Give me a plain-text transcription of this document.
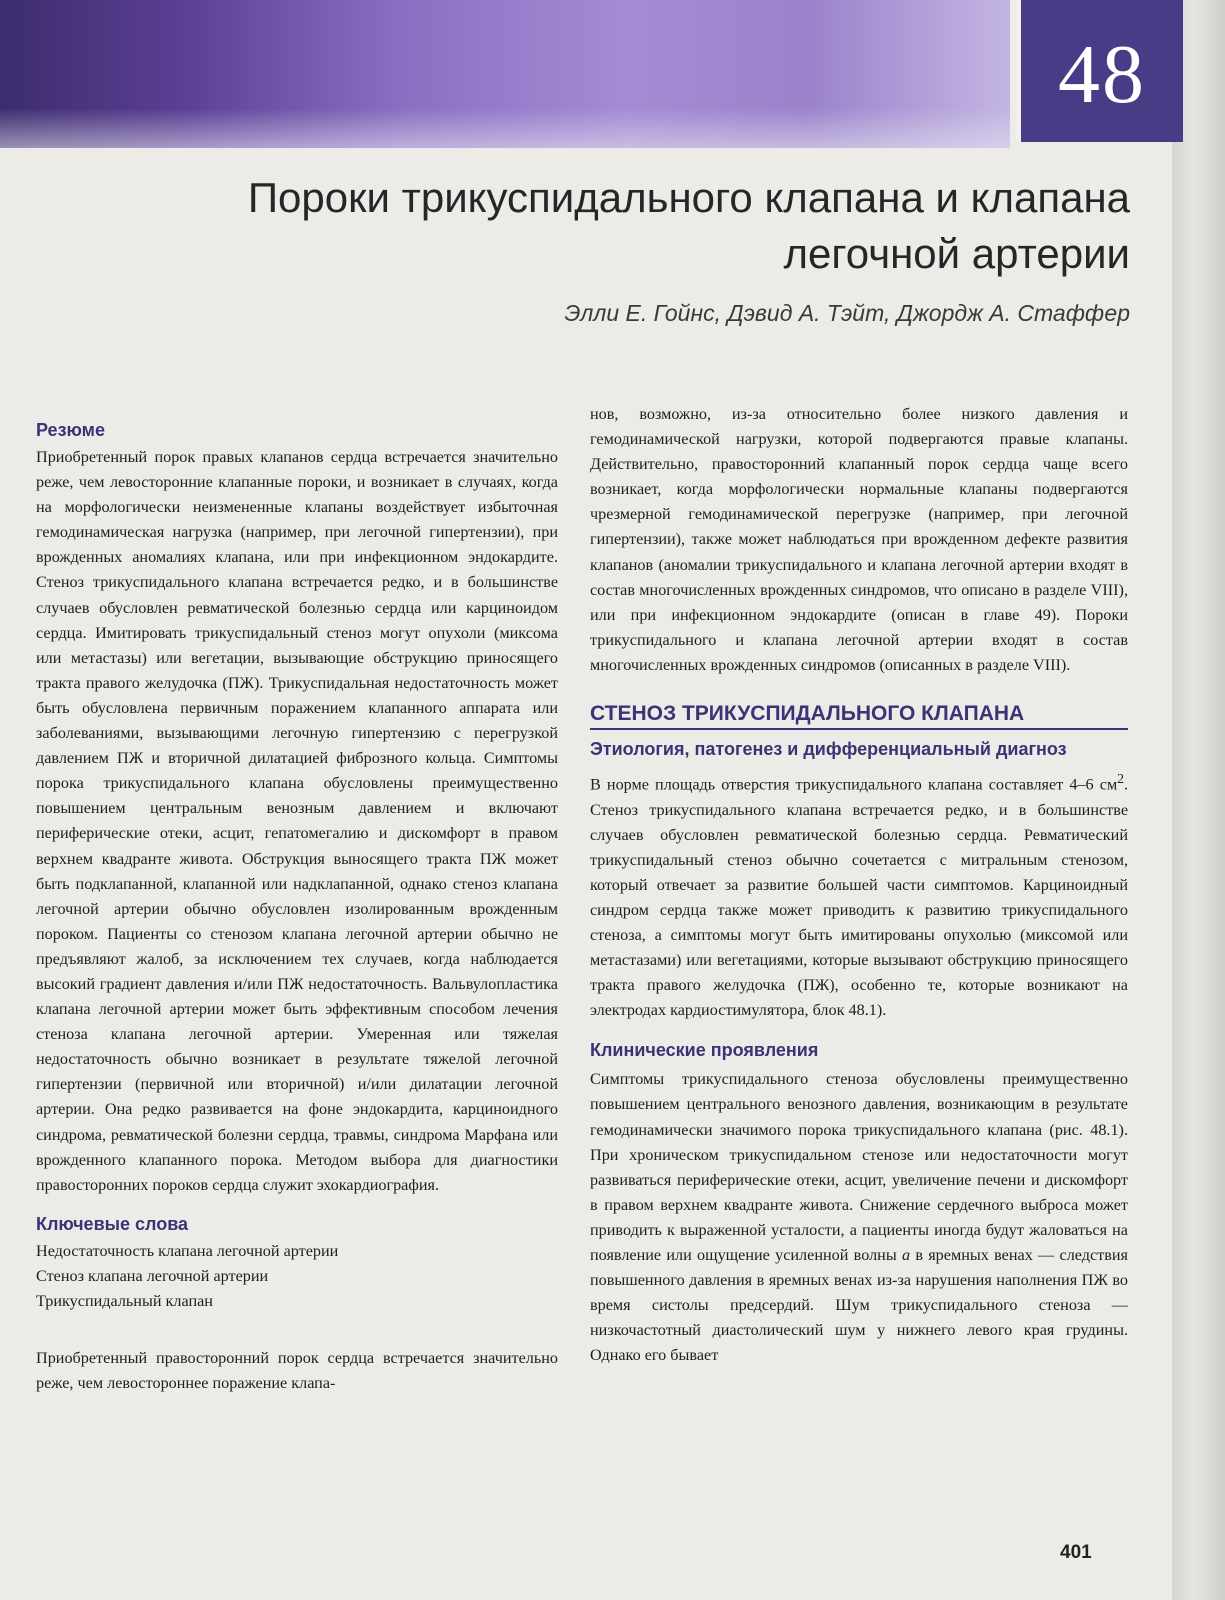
48
Пороки трикуспидального клапана и клапана
легочной артерии
Элли Е. Гойнс, Дэвид А. Тэйт, Джордж А. Стаффер
Резюме

Приобретенный порок правых клапанов сердца встречается значительно реже, чем левосторонние клапанные пороки, и возникает в случаях, когда на морфологически неизмененные клапаны воздействует избыточная гемодинамическая нагрузка (например, при легочной гипертензии), при врожденных аномалиях клапана, или при инфекционном эндокардите. Стеноз трикуспидального клапана встречается редко, и в большинстве случаев обусловлен ревматической болезнью сердца или карциноидом сердца. Имитировать трикуспидальный стеноз могут опухоли (миксома или метастазы) или вегетации, вызывающие обструкцию приносящего тракта правого желудочка (ПЖ). Трикуспидальная недостаточность может быть обусловлена первичным поражением клапанного аппарата или заболеваниями, вызывающими легочную гипертензию с перегрузкой давлением ПЖ и вторичной дилатацией фиброзного кольца. Симптомы порока трикуспидального клапана обусловлены преимущественно повышением центральным венозным давлением и включают периферические отеки, асцит, гепатомегалию и дискомфорт в правом верхнем квадранте живота. Обструкция выносящего тракта ПЖ может быть подклапанной, клапанной или надклапанной, однако стеноз клапана легочной артерии обычно обусловлен изолированным врожденным пороком. Пациенты со стенозом клапана легочной артерии обычно не предъявляют жалоб, за исключением тех случаев, когда наблюдается высокий градиент давления и/или ПЖ недостаточность. Вальвулопластика клапана легочной артерии может быть эффективным способом лечения стеноза клапана легочной артерии. Умеренная или тяжелая недостаточность обычно возникает в результате тяжелой легочной гипертензии (первичной или вторичной) и/или дилатации легочной артерии. Она редко развивается на фоне эндокардита, карциноидного синдрома, ревматической болезни сердца, травмы, синдрома Марфана или врожденного клапанного порока. Методом выбора для диагностики правосторонних пороков сердца служит эхокардиография.

Ключевые слова
Недостаточность клапана легочной артерии
Стеноз клапана легочной артерии
Трикуспидальный клапан

Приобретенный правосторонний порок сердца встречается значительно реже, чем левостороннее поражение клапа-

нов, возможно, из-за относительно более низкого давления и гемодинамической нагрузки, которой подвергаются правые клапаны. Действительно, правосторонний клапанный порок сердца чаще всего возникает, когда морфологически нормальные клапаны подвергаются чрезмерной гемодинамической перегрузке (например, при легочной гипертензии), также может наблюдаться при врожденном дефекте развития клапанов (аномалии трикуспидального и клапана легочной артерии входят в состав многочисленных врожденных синдромов, что описано в разделе VIII), или при инфекционном эндокардите (описан в главе 49). Пороки трикуспидального и клапана легочной артерии входят в состав многочисленных врожденных синдромов (описанных в разделе VIII).

СТЕНОЗ ТРИКУСПИДАЛЬНОГО КЛАПАНА
Этиология, патогенез и дифференциальный диагноз

В норме площадь отверстия трикуспидального клапана составляет 4–6 $см^2$. Стеноз трикуспидального клапана встречается редко, и в большинстве случаев обусловлен ревматической болезнью сердца. Ревматический трикуспидальный стеноз обычно сочетается с митральным стенозом, который отвечает за развитие большей части симптомов. Карциноидный синдром сердца также может приводить к развитию трикуспидального стеноза, а симптомы могут быть имитированы опухолью (миксомой или метастазами) или вегетациями, которые вызывают обструкцию приносящего тракта правого желудочка (ПЖ), особенно те, которые возникают на электродах кардиостимулятора, блок 48.1).

Клинические проявления

Симптомы трикуспидального стеноза обусловлены преимущественно повышением центрального венозного давления, возникающим в результате гемодинамически значимого порока трикуспидального клапана (рис. 48.1). При хроническом трикуспидальном стенозе или недостаточности могут развиваться периферические отеки, асцит, увеличение печени и дискомфорт в правом верхнем квадранте живота. Снижение сердечного выброса может приводить к выраженной усталости, а пациенты иногда будут жаловаться на появление или ощущение усиленной волны a в яремных венах — следствия повышенного давления в яремных венах из-за нарушения наполнения ПЖ во время систолы предсердий. Шум трикуспидального стеноза — низкочастотный диастолический шум у нижнего левого края грудины. Однако его бывает

401
